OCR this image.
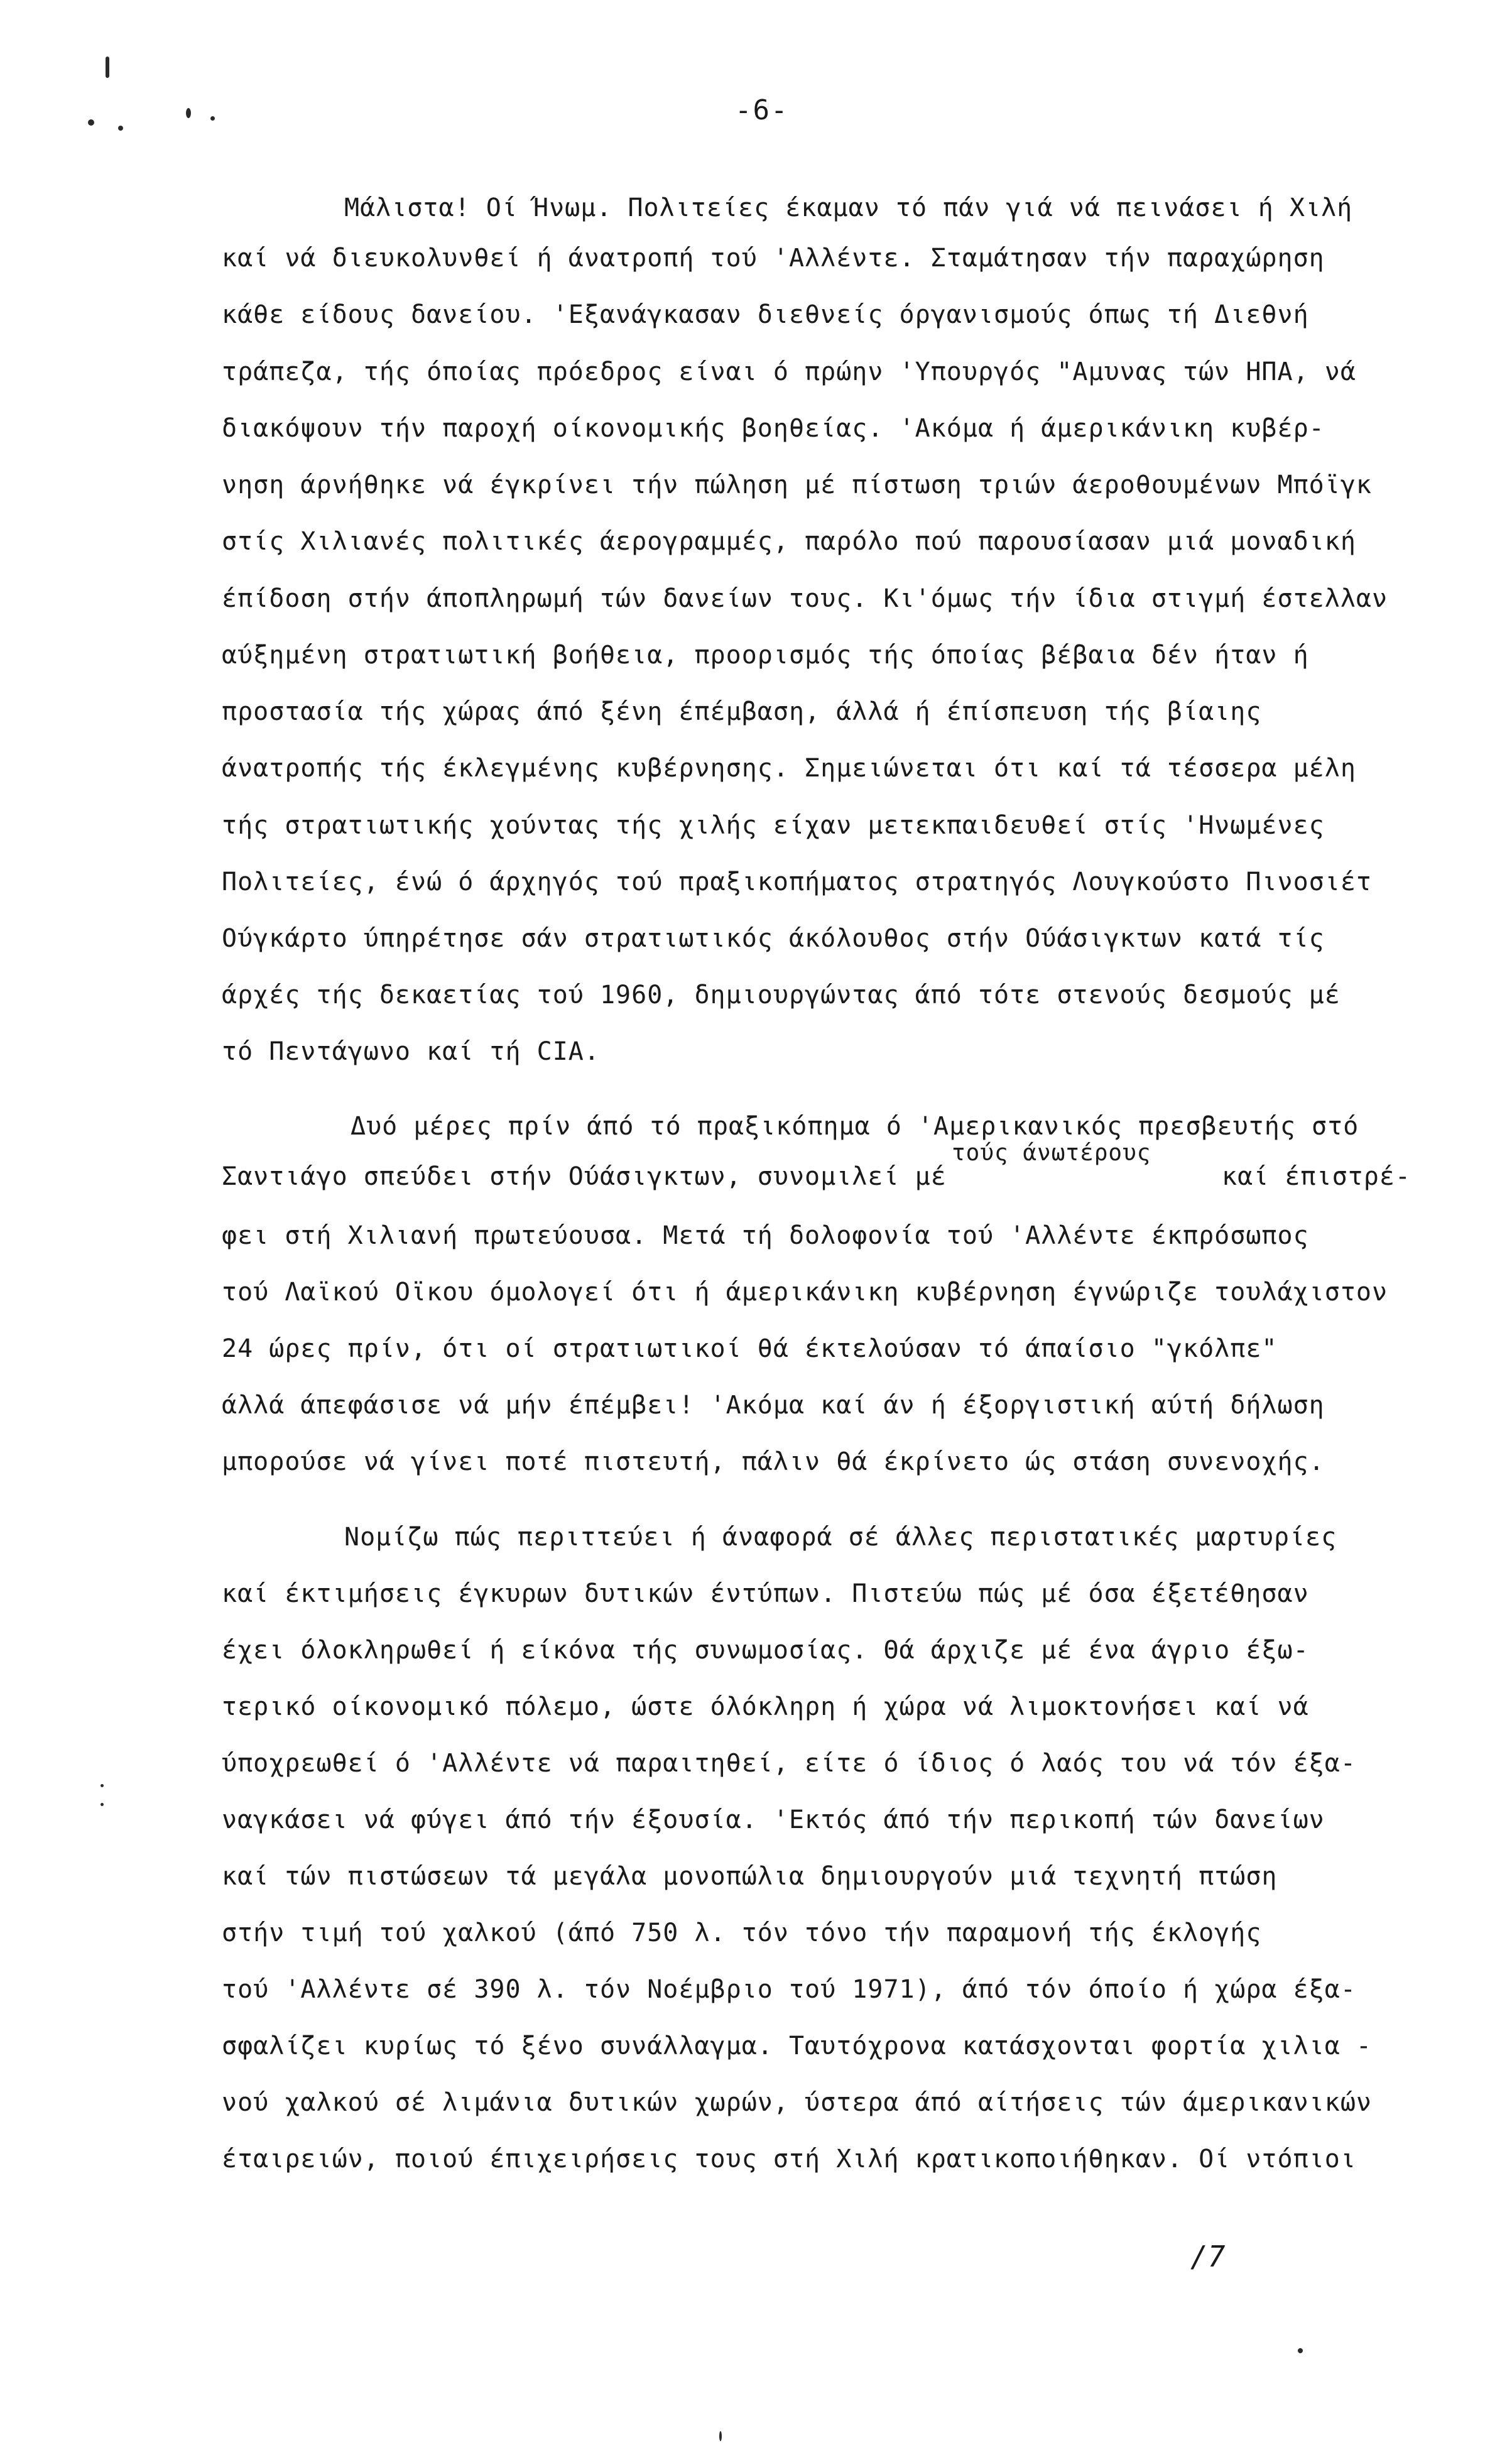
-6-
Μάλιστα! Οί Ήνωμ. Πολιτείες έκαμαν τό πάν γιά νά πεινάσει ή Χιλή
καί νά διευκολυνθεί ή άνατροπή τού 'Αλλέντε. Σταμάτησαν τήν παραχώρηση
κάθε είδους δανείου. 'Εξανάγκασαν διεθνείς όργανισμούς όπως τή Διεθνή
τράπεζα, τής όποίας πρόεδρος είναι ό πρώην 'Υπουργός "Αμυνας τών ΗΠΑ, νά
διακόψουν τήν παροχή οίκονομικής βοηθείας. 'Ακόμα ή άμερικάνικη κυβέρ-
νηση άρνήθηκε νά έγκρίνει τήν πώληση μέ πίστωση τριών άεροθουμένων Μπόϊγκ
στίς Χιλιανές πολιτικές άερογραμμές, παρόλο πού παρουσίασαν μιά μοναδική
έπίδοση στήν άποπληρωμή τών δανείων τους. Κι'όμως τήν ίδια στιγμή έστελλαν
αύξημένη στρατιωτική βοήθεια, προορισμός τής όποίας βέβαια δέν ήταν ή
προστασία τής χώρας άπό ξένη έπέμβαση, άλλά ή έπίσπευση τής βίαιης
άνατροπής τής έκλεγμένης κυβέρνησης. Σημειώνεται ότι καί τά τέσσερα μέλη
τής στρατιωτικής χούντας τής χιλής είχαν μετεκπαιδευθεί στίς 'Ηνωμένες
Πολιτείες, ένώ ό άρχηγός τού πραξικοπήματος στρατηγός Λουγκούστο Πινοσιέτ
Ούγκάρτο ύπηρέτησε σάν στρατιωτικός άκόλουθος στήν Ούάσιγκτων κατά τίς
άρχές τής δεκαετίας τού 1960, δημιουργώντας άπό τότε στενούς δεσμούς μέ
τό Πεντάγωνο καί τή CIA.
Δυό μέρες πρίν άπό τό πραξικόπημα ό 'Αμερικανικός πρεσβευτής στό
Σαντιάγο σπεύδει στήν Ούάσιγκτων, συνομιλεί μέ
τούς άνωτέρους
καί έπιστρέ-
φει στή Χιλιανή πρωτεύουσα. Μετά τή δολοφονία τού 'Αλλέντε έκπρόσωπος
τού Λαϊκού Οϊκου όμολογεί ότι ή άμερικάνικη κυβέρνηση έγνώριζε τουλάχιστον
24 ώρες πρίν, ότι οί στρατιωτικοί θά έκτελούσαν τό άπαίσιο "γκόλπε"
άλλά άπεφάσισε νά μήν έπέμβει! 'Ακόμα καί άν ή έξοργιστική αύτή δήλωση
μπορούσε νά γίνει ποτέ πιστευτή, πάλιν θά έκρίνετο ώς στάση συνενοχής.
Νομίζω πώς περιττεύει ή άναφορά σέ άλλες περιστατικές μαρτυρίες
καί έκτιμήσεις έγκυρων δυτικών έντύπων. Πιστεύω πώς μέ όσα έξετέθησαν
έχει όλοκληρωθεί ή είκόνα τής συνωμοσίας. Θά άρχιζε μέ ένα άγριο έξω-
τερικό οίκονομικό πόλεμο, ώστε όλόκληρη ή χώρα νά λιμοκτονήσει καί νά
ύποχρεωθεί ό 'Αλλέντε νά παραιτηθεί, είτε ό ίδιος ό λαός του νά τόν έξα-
ναγκάσει νά φύγει άπό τήν έξουσία. 'Εκτός άπό τήν περικοπή τών δανείων
καί τών πιστώσεων τά μεγάλα μονοπώλια δημιουργούν μιά τεχνητή πτώση
στήν τιμή τού χαλκού (άπό 750 λ. τόν τόνο τήν παραμονή τής έκλογής
τού 'Αλλέντε σέ 390 λ. τόν Νοέμβριο τού 1971), άπό τόν όποίο ή χώρα έξα-
σφαλίζει κυρίως τό ξένο συνάλλαγμα. Ταυτόχρονα κατάσχονται φορτία χιλια -
νού χαλκού σέ λιμάνια δυτικών χωρών, ύστερα άπό αίτήσεις τών άμερικανικών
έταιρειών, ποιού έπιχειρήσεις τους στή Χιλή κρατικοποιήθηκαν. Οί ντόπιοι
/7
